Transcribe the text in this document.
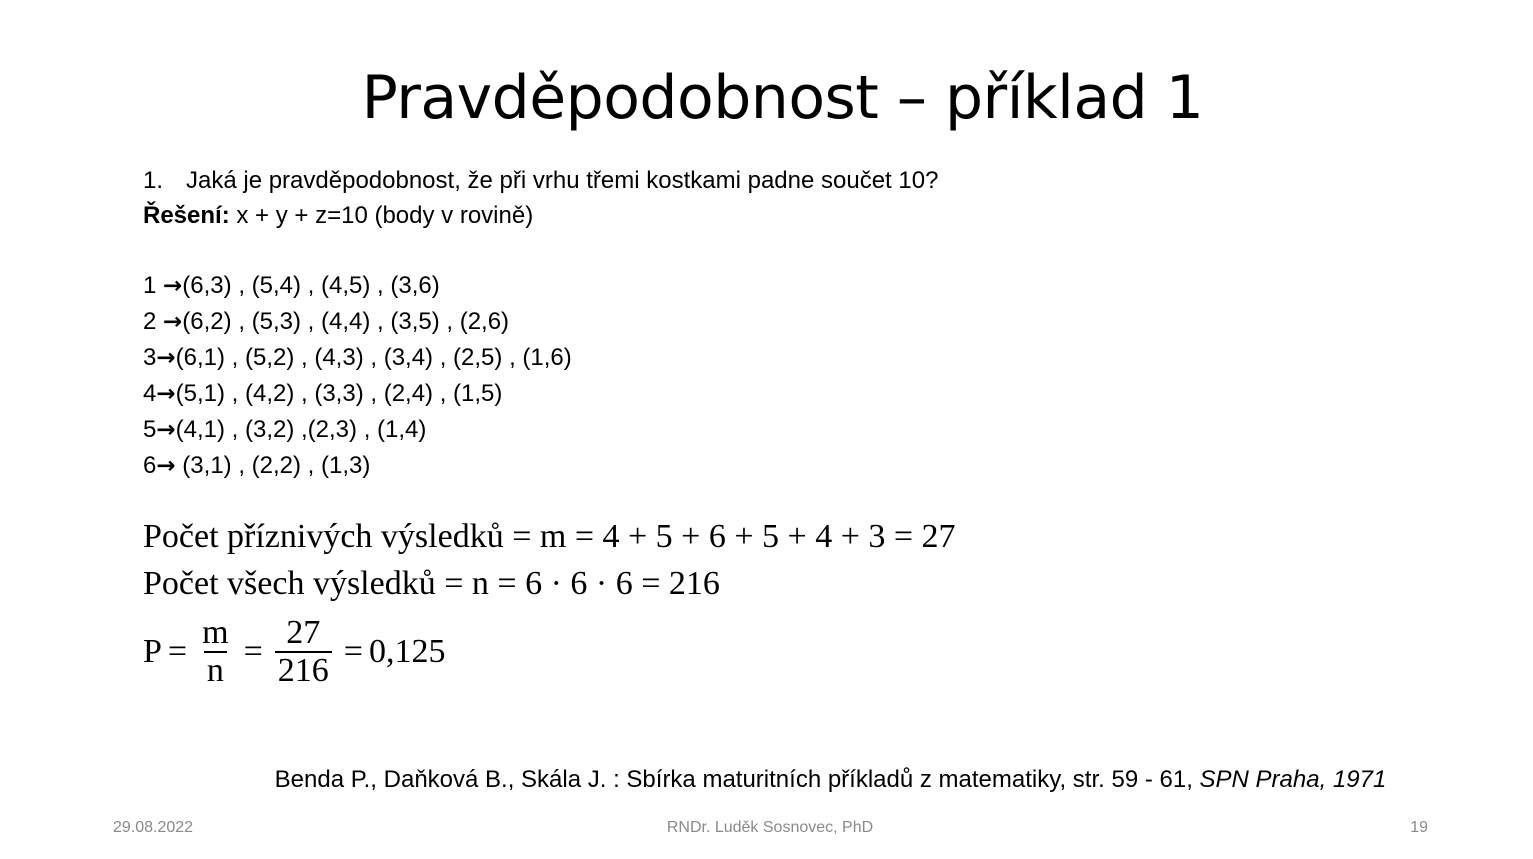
Pravděpodobnost – příklad 1
1. Jaká je pravděpodobnost, že při vrhu třemi kostkami padne součet 10?
Řešení: x + y + z=10 (body v rovině)
1 →(6,3) , (5,4) , (4,5) , (3,6)
2 →(6,2) , (5,3) , (4,4) , (3,5) , (2,6)
3→(6,1) , (5,2) , (4,3) , (3,4) , (2,5) , (1,6)
4→(5,1) , (4,2) , (3,3) , (2,4) , (1,5)
5→(4,1) , (3,2) ,(2,3) , (1,4)
6→ (3,1) , (2,2) , (1,3)
Počet příznivých výsledků = m = 4 + 5 + 6 + 5 + 4 + 3 = 27
Počet všech výsledků = n = 6 · 6 · 6 = 216
$P = \frac{m}{n} = \frac{27}{216} = 0,125$
Benda P., Daňková B., Skála J. : Sbírka maturitních příkladů z matematiky, str. 59 - 61, SPN Praha, 1971
29.08.2022	RNDr. Luděk Sosnovec, PhD	19
